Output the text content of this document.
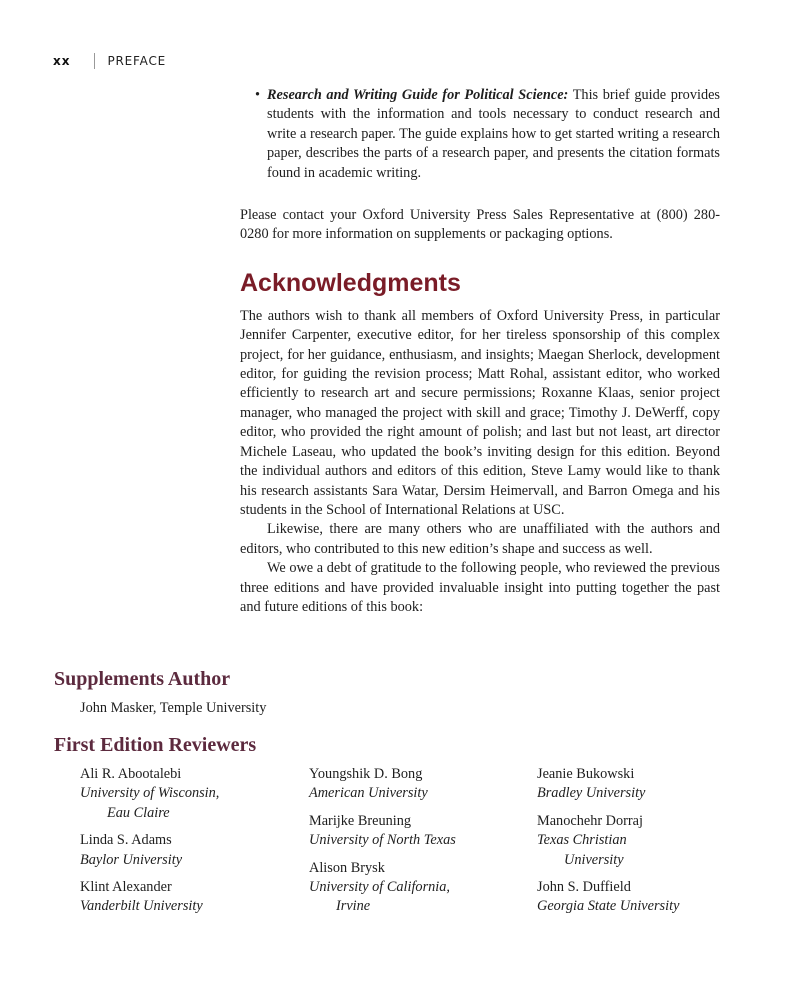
xx	PREFACE

• Research and Writing Guide for Political Science: This brief guide provides students with the information and tools necessary to conduct research and write a research paper. The guide explains how to get started writing a research paper, describes the parts of a research paper, and presents the citation formats found in academic writing.

Please contact your Oxford University Press Sales Representative at (800) 280-0280 for more information on supplements or packaging options.

Acknowledgments

The authors wish to thank all members of Oxford University Press, in particular Jennifer Carpenter, executive editor, for her tireless sponsorship of this complex project, for her guidance, enthusiasm, and insights; Maegan Sherlock, development editor, for guiding the revision process; Matt Rohal, assistant editor, who worked efficiently to research art and secure permissions; Roxanne Klaas, senior project manager, who managed the project with skill and grace; Timothy J. DeWerff, copy editor, who provided the right amount of polish; and last but not least, art director Michele Laseau, who updated the book’s inviting design for this edition. Beyond the individual authors and editors of this edition, Steve Lamy would like to thank his research assistants Sara Watar, Dersim Heimervall, and Barron Omega and his students in the School of International Relations at USC.

Likewise, there are many others who are unaffiliated with the authors and editors, who contributed to this new edition’s shape and success as well.

We owe a debt of gratitude to the following people, who reviewed the previous three editions and have provided invaluable insight into putting together the past and future editions of this book:

Supplements Author
John Masker, Temple University
First Edition Reviewers
Ali R. Abootalebi
University of Wisconsin,
Eau Claire
Linda S. Adams
Baylor University
Klint Alexander
Vanderbilt University
Youngshik D. Bong
American University
Marijke Breuning
University of North Texas
Alison Brysk
University of California,
Irvine
Jeanie Bukowski
Bradley University
Manochehr Dorraj
Texas Christian
University
John S. Duffield
Georgia State University
